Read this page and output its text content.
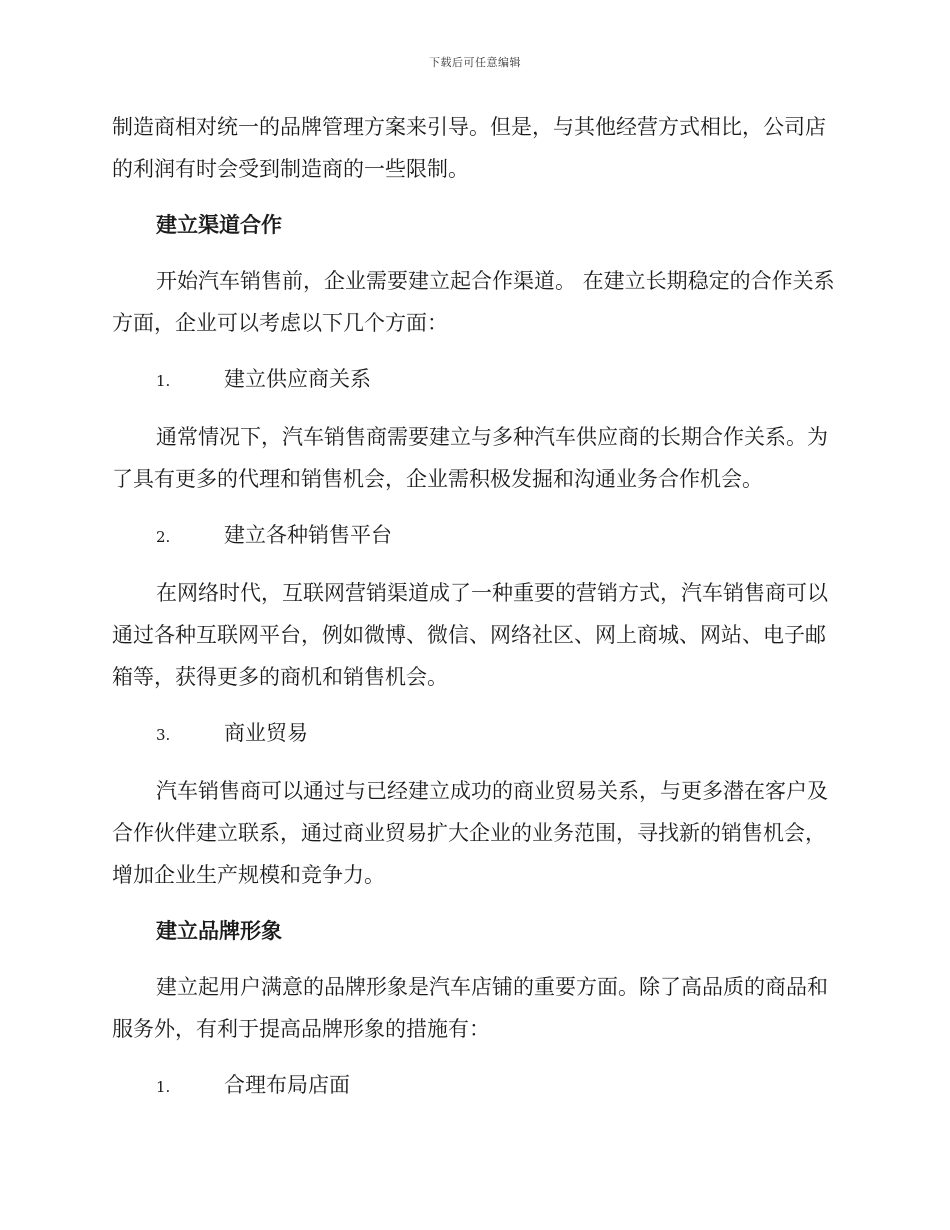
下载后可任意编辑

制造商相对统一的品牌管理方案来引导。但是，与其他经营方式相比，公司店的利润有时会受到制造商的一些限制。

建立渠道合作

开始汽车销售前，企业需要建立起合作渠道。 在建立长期稳定的合作关系方面，企业可以考虑以下几个方面：

1.	建立供应商关系

通常情况下，汽车销售商需要建立与多种汽车供应商的长期合作关系。为了具有更多的代理和销售机会，企业需积极发掘和沟通业务合作机会。

2.	建立各种销售平台

在网络时代，互联网营销渠道成了一种重要的营销方式，汽车销售商可以通过各种互联网平台，例如微博、微信、网络社区、网上商城、网站、电子邮箱等，获得更多的商机和销售机会。

3.	商业贸易

汽车销售商可以通过与已经建立成功的商业贸易关系，与更多潜在客户及合作伙伴建立联系，通过商业贸易扩大企业的业务范围，寻找新的销售机会，增加企业生产规模和竞争力。

建立品牌形象

建立起用户满意的品牌形象是汽车店铺的重要方面。除了高品质的商品和服务外，有利于提高品牌形象的措施有：

1.	合理布局店面
